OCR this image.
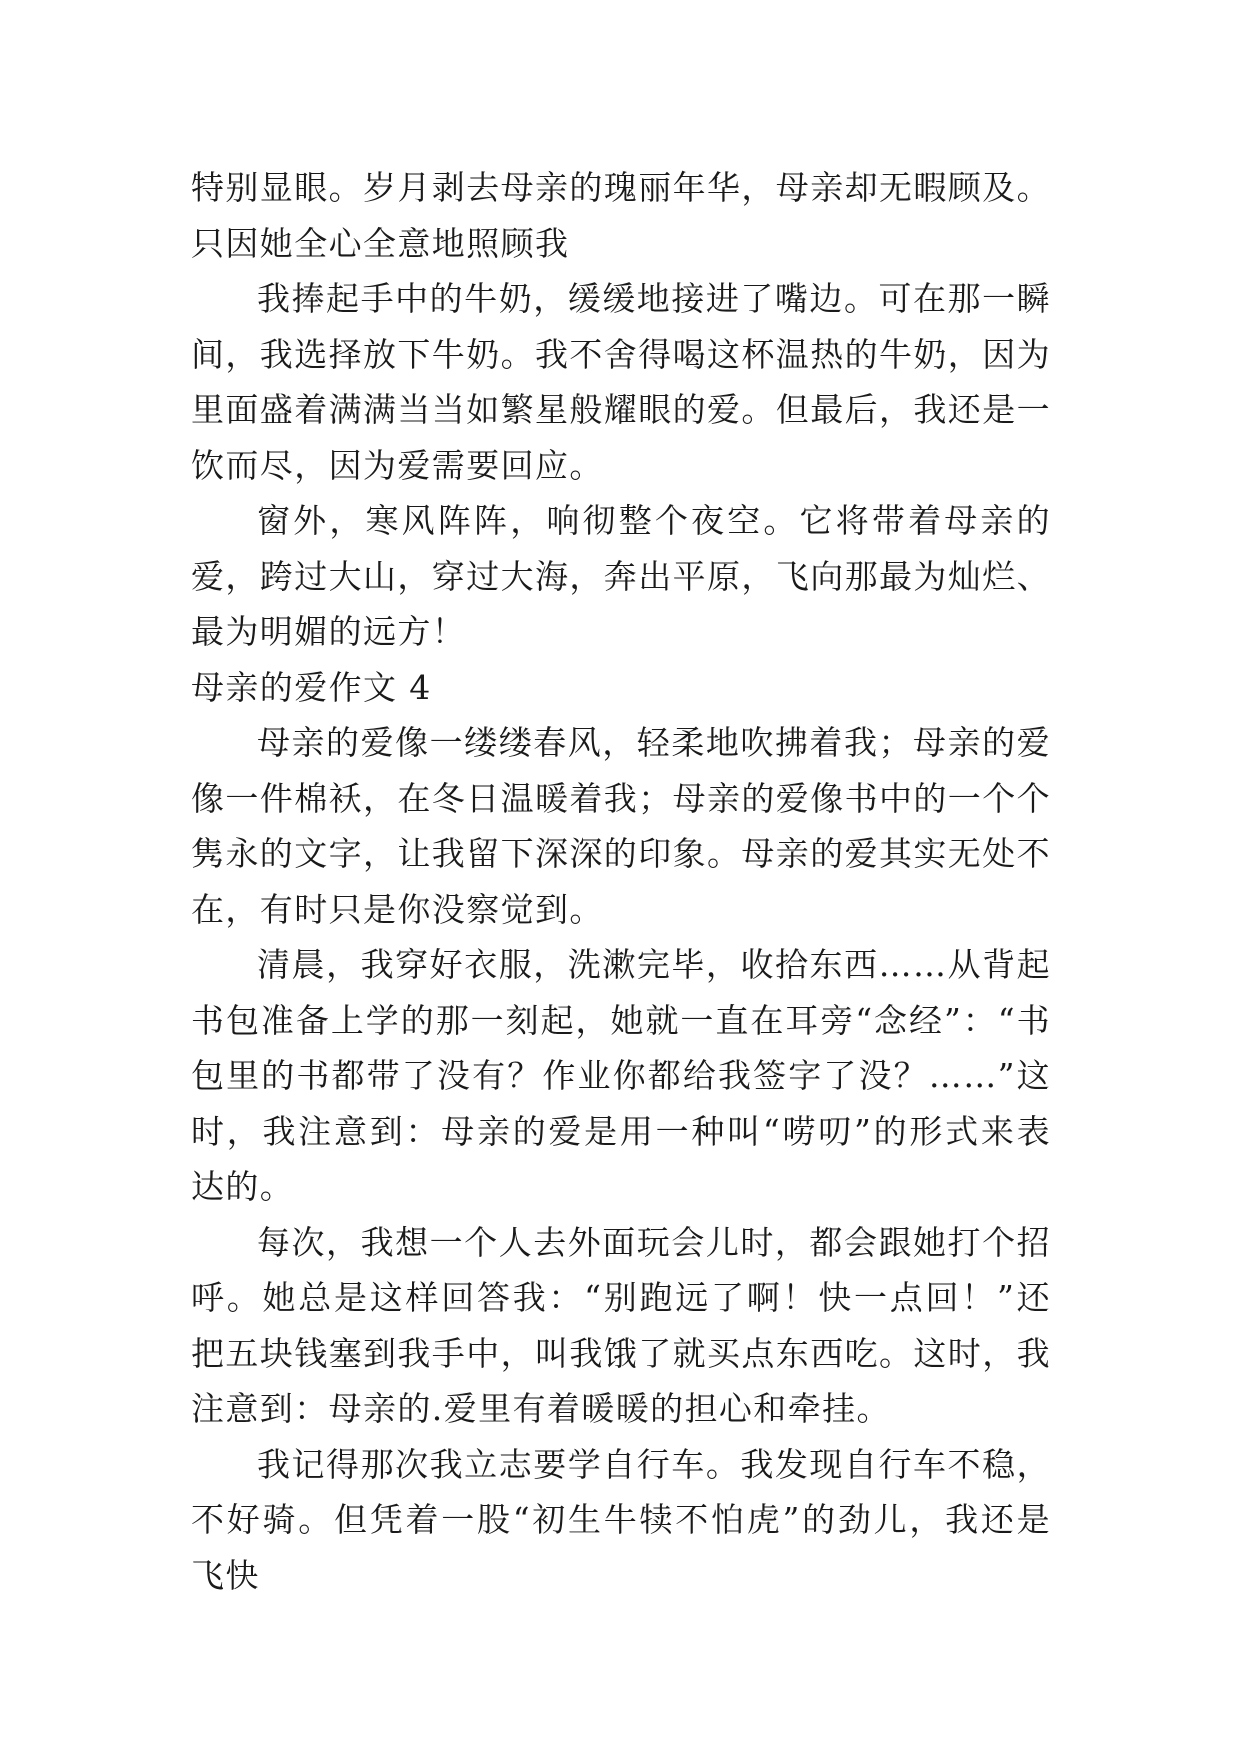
特别显眼。岁月剥去母亲的瑰丽年华，母亲却无暇顾及。只因她全心全意地照顾我

我捧起手中的牛奶，缓缓地接进了嘴边。可在那一瞬间，我选择放下牛奶。我不舍得喝这杯温热的牛奶，因为里面盛着满满当当如繁星般耀眼的爱。但最后，我还是一饮而尽，因为爱需要回应。

窗外，寒风阵阵，响彻整个夜空。它将带着母亲的爱，跨过大山，穿过大海，奔出平原，飞向那最为灿烂、最为明媚的远方！

母亲的爱作文 4

母亲的爱像一缕缕春风，轻柔地吹拂着我；母亲的爱像一件棉袄，在冬日温暖着我；母亲的爱像书中的一个个隽永的文字，让我留下深深的印象。母亲的爱其实无处不在，有时只是你没察觉到。

清晨，我穿好衣服，洗漱完毕，收拾东西……从背起书包准备上学的那一刻起，她就一直在耳旁“念经”：“书包里的书都带了没有？作业你都给我签字了没？……”这时，我注意到：母亲的爱是用一种叫“唠叨”的形式来表达的。

每次，我想一个人去外面玩会儿时，都会跟她打个招呼。她总是这样回答我：“别跑远了啊！快一点回！”还把五块钱塞到我手中，叫我饿了就买点东西吃。这时，我注意到：母亲的.爱里有着暖暖的担心和牵挂。

我记得那次我立志要学自行车。我发现自行车不稳，不好骑。但凭着一股“初生牛犊不怕虎”的劲儿，我还是飞快
